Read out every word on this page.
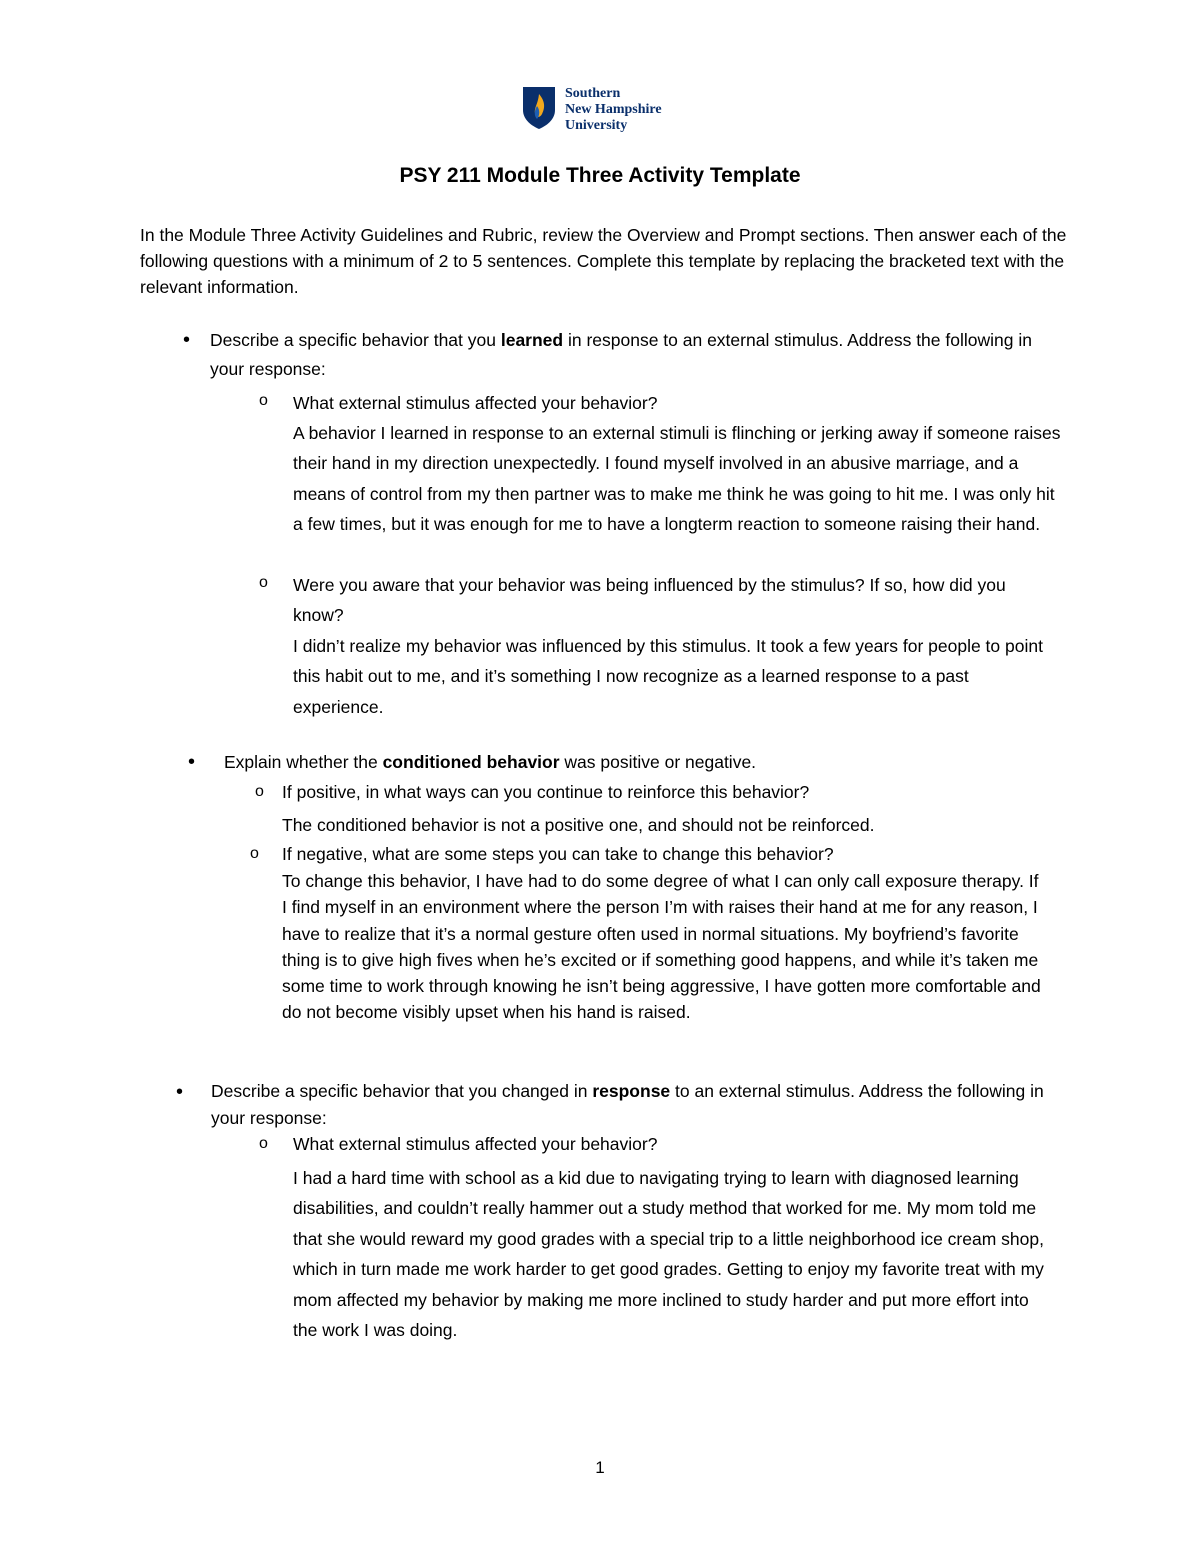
Southern
New Hampshire
University
PSY 211 Module Three Activity Template
In the Module Three Activity Guidelines and Rubric, review the Overview and Prompt sections. Then answer each of the following questions with a minimum of 2 to 5 sentences. Complete this template by replacing the bracketed text with the relevant information.
• Describe a specific behavior that you learned in response to an external stimulus. Address the following in your response:
o What external stimulus affected your behavior?
A behavior I learned in response to an external stimuli is flinching or jerking away if someone raises their hand in my direction unexpectedly. I found myself involved in an abusive marriage, and a means of control from my then partner was to make me think he was going to hit me. I was only hit a few times, but it was enough for me to have a longterm reaction to someone raising their hand.
o Were you aware that your behavior was being influenced by the stimulus? If so, how did you know?
I didn’t realize my behavior was influenced by this stimulus. It took a few years for people to point this habit out to me, and it’s something I now recognize as a learned response to a past experience.
• Explain whether the conditioned behavior was positive or negative.
o If positive, in what ways can you continue to reinforce this behavior?
The conditioned behavior is not a positive one, and should not be reinforced.
o If negative, what are some steps you can take to change this behavior?
To change this behavior, I have had to do some degree of what I can only call exposure therapy. If I find myself in an environment where the person I’m with raises their hand at me for any reason, I have to realize that it’s a normal gesture often used in normal situations. My boyfriend’s favorite thing is to give high fives when he’s excited or if something good happens, and while it’s taken me some time to work through knowing he isn’t being aggressive, I have gotten more comfortable and do not become visibly upset when his hand is raised.
• Describe a specific behavior that you changed in response to an external stimulus. Address the following in your response:
o What external stimulus affected your behavior?
I had a hard time with school as a kid due to navigating trying to learn with diagnosed learning disabilities, and couldn’t really hammer out a study method that worked for me. My mom told me that she would reward my good grades with a special trip to a little neighborhood ice cream shop, which in turn made me work harder to get good grades. Getting to enjoy my favorite treat with my mom affected my behavior by making me more inclined to study harder and put more effort into the work I was doing.
1
